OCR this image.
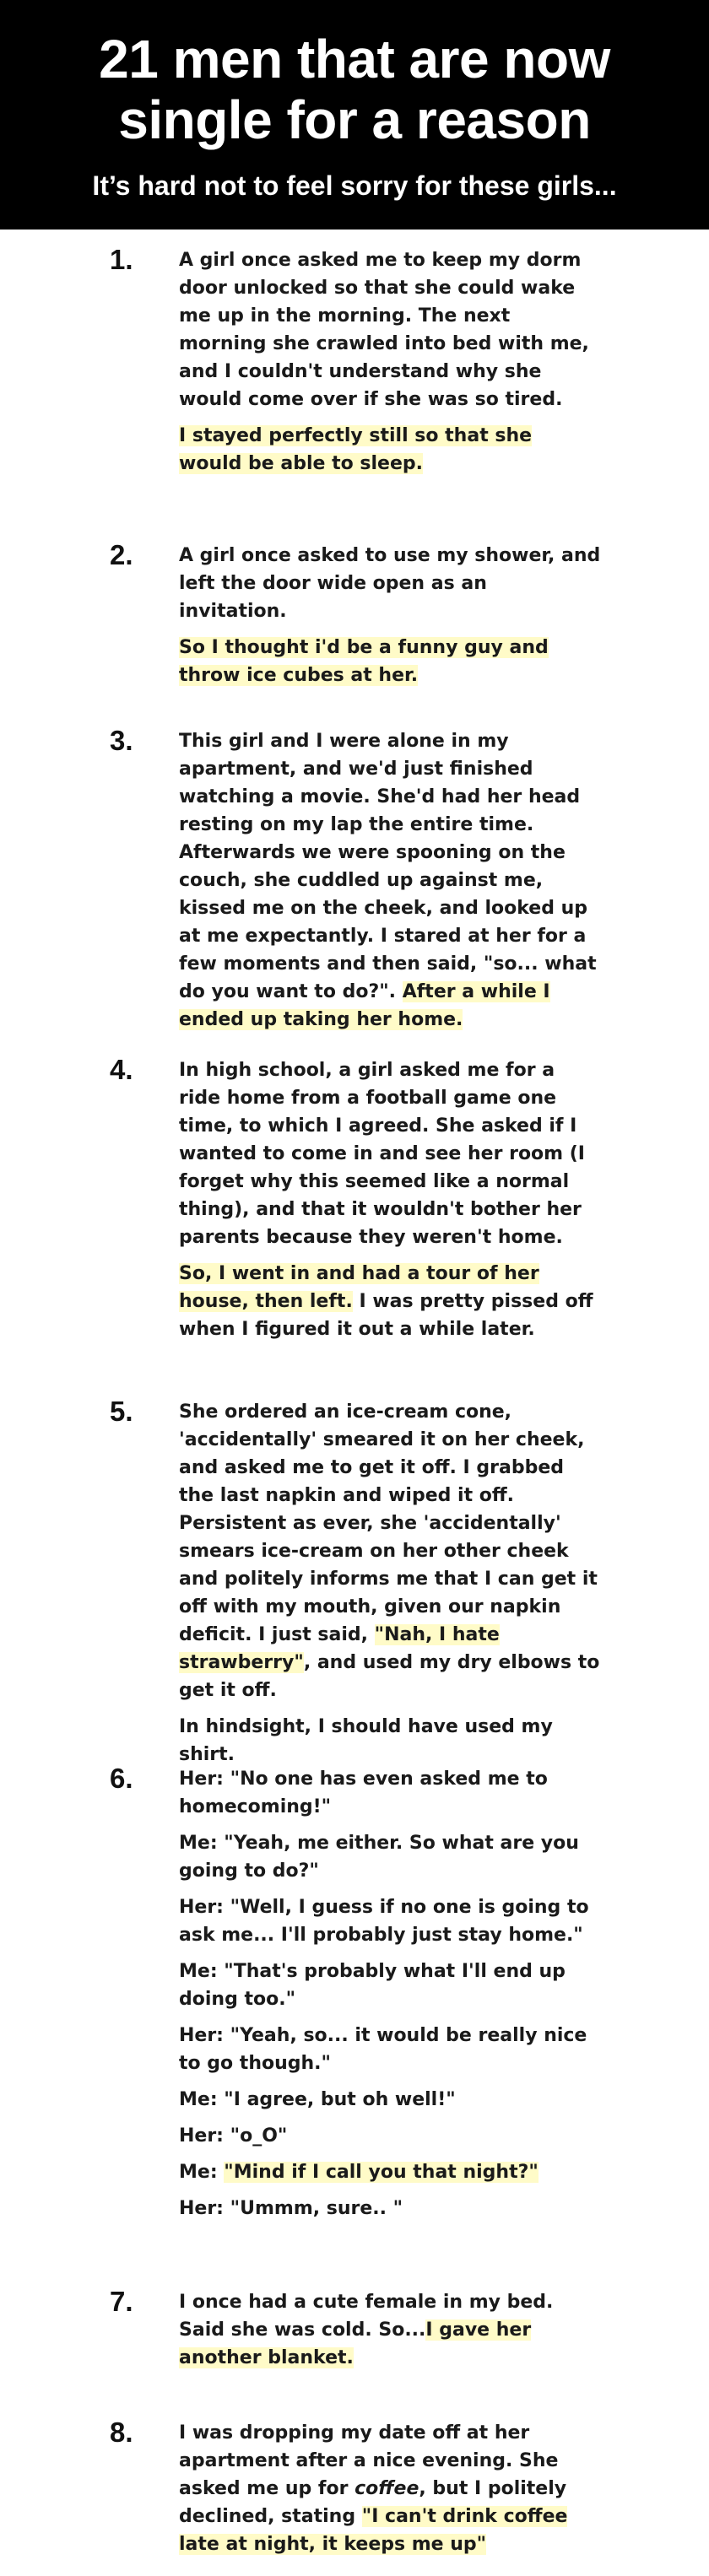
21 men that are now single for a reason
It’s hard not to feel sorry for these girls...
1. A girl once asked me to keep my dorm door unlocked so that she could wake me up in the morning. The next morning she crawled into bed with me, and I couldn't understand why she would come over if she was so tired.

I stayed perfectly still so that she would be able to sleep.

2. A girl once asked to use my shower, and left the door wide open as an invitation.

So I thought i'd be a funny guy and throw ice cubes at her.

3. This girl and I were alone in my apartment, and we'd just finished watching a movie. She'd had her head resting on my lap the entire time. Afterwards we were spooning on the couch, she cuddled up against me, kissed me on the cheek, and looked up at me expectantly. I stared at her for a few moments and then said, "so... what do you want to do?". After a while I ended up taking her home.

4. In high school, a girl asked me for a ride home from a football game one time, to which I agreed. She asked if I wanted to come in and see her room (I forget why this seemed like a normal thing), and that it wouldn't bother her parents because they weren't home.

So, I went in and had a tour of her house, then left. I was pretty pissed off when I figured it out a while later.

5. She ordered an ice-cream cone, 'accidentally' smeared it on her cheek, and asked me to get it off. I grabbed the last napkin and wiped it off. Persistent as ever, she 'accidentally' smears ice-cream on her other cheek and politely informs me that I can get it off with my mouth, given our napkin deficit. I just said, "Nah, I hate strawberry", and used my dry elbows to get it off.

In hindsight, I should have used my shirt.

6. Her: "No one has even asked me to homecoming!"

Me: "Yeah, me either. So what are you going to do?"

Her: "Well, I guess if no one is going to ask me... I'll probably just stay home."

Me: "That's probably what I'll end up doing too."

Her: "Yeah, so... it would be really nice to go though."

Me: "I agree, but oh well!"

Her: "o_O"

Me: "Mind if I call you that night?"

Her: "Ummm, sure.. "

7. I once had a cute female in my bed. Said she was cold. So...I gave her another blanket.

8. I was dropping my date off at her apartment after a nice evening. She asked me up for coffee, but I politely declined, stating "I can't drink coffee late at night, it keeps me up"
